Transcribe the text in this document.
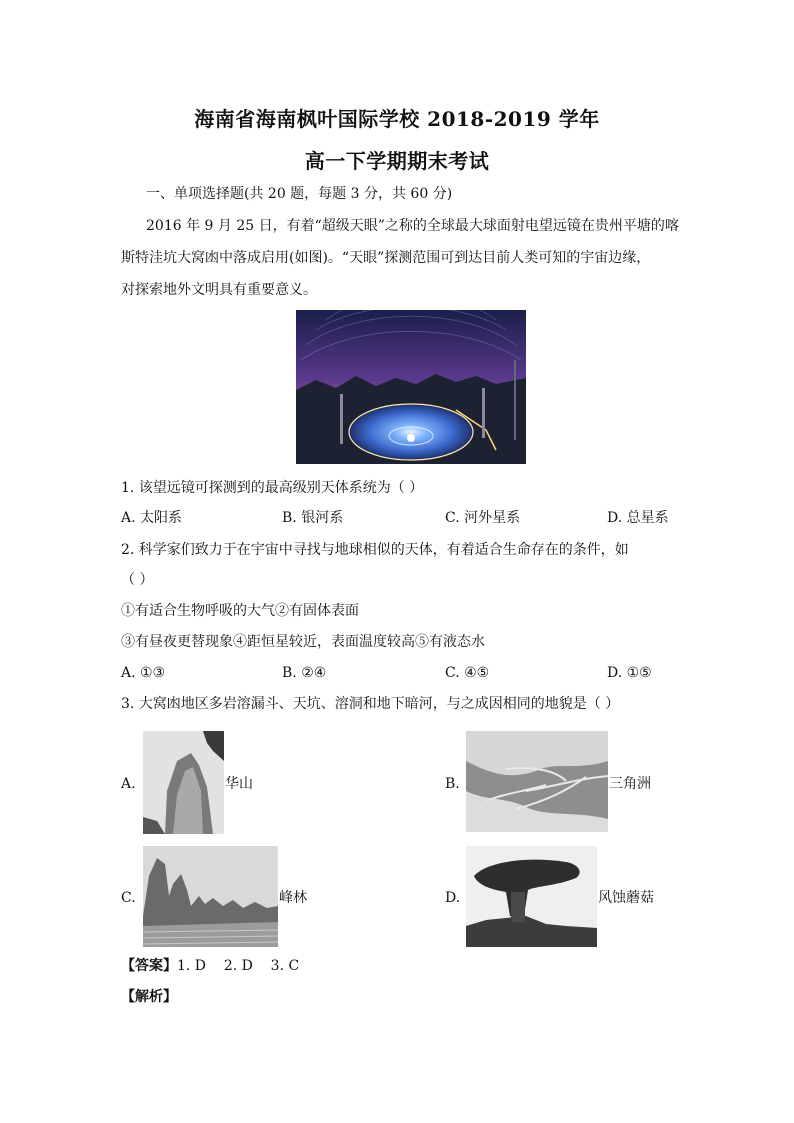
海南省海南枫叶国际学校 2018-2019 学年
高一下学期期末考试
一、单项选择题(共 20 题，每题 3 分，共 60 分)
2016 年 9 月 25 日，有着“超级天眼”之称的全球最大球面射电望远镜在贵州平塘的喀
斯特洼坑大窝凼中落成启用(如图)。“天眼”探测范围可到达目前人类可知的宇宙边缘，
对探索地外文明具有重要意义。
1. 该望远镜可探测到的最高级别天体系统为（ ）
A. 太阳系	B. 银河系	C. 河外星系	D. 总星系
2. 科学家们致力于在宇宙中寻找与地球相似的天体，有着适合生命存在的条件，如
（ ）
①有适合生物呼吸的大气②有固体表面
③有昼夜更替现象④距恒星较近，表面温度较高⑤有液态水
A. ①③	B. ②④	C. ④⑤	D. ①⑤
3. 大窝凼地区多岩溶漏斗、天坑、溶洞和地下暗河，与之成因相同的地貌是（ ）
A.	华山	B.	三角洲
C.	峰林	D.	风蚀蘑菇
【答案】1. D    2. D    3. C
【解析】
